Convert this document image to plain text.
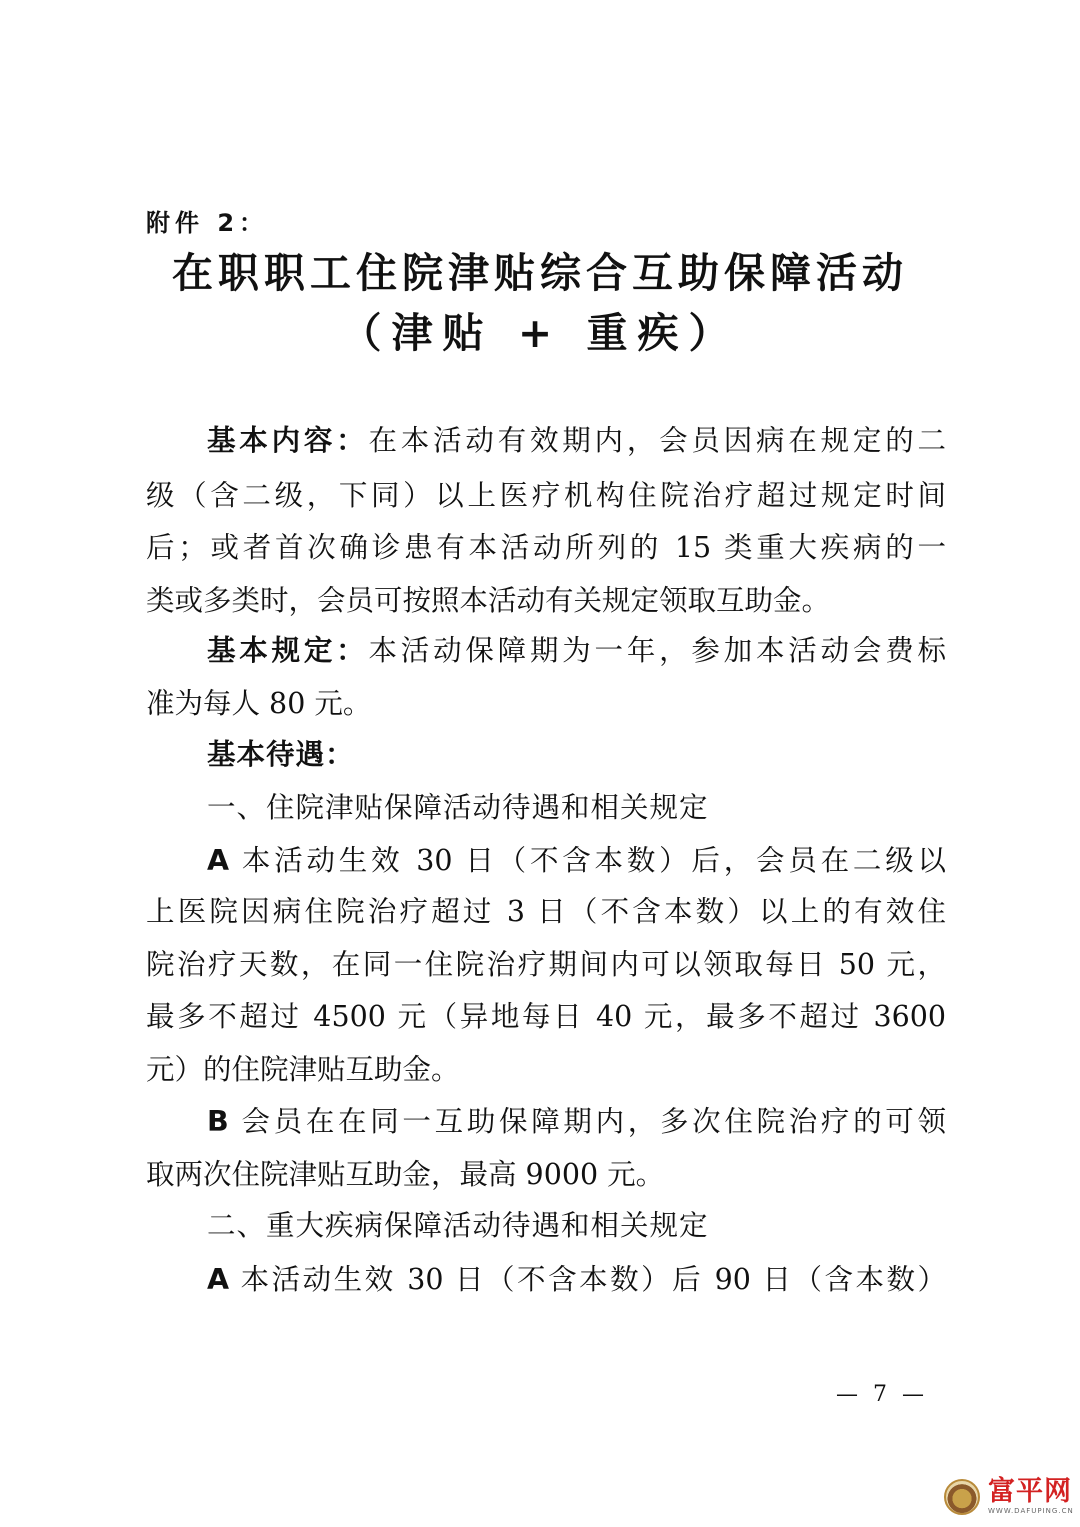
附件 2：

在职职工住院津贴综合互助保障活动
（津贴 + 重疾）

基本内容：在本活动有效期内，会员因病在规定的二

级（含二级，下同）以上医疗机构住院治疗超过规定时间

后；或者首次确诊患有本活动所列的 15 类重大疾病的一

类或多类时，会员可按照本活动有关规定领取互助金。

基本规定：本活动保障期为一年，参加本活动会费标

准为每人 80 元。

基本待遇：

一、住院津贴保障活动待遇和相关规定

A 本活动生效 30 日（不含本数）后，会员在二级以

上医院因病住院治疗超过 3 日（不含本数）以上的有效住

院治疗天数，在同一住院治疗期间内可以领取每日 50 元，

最多不超过 4500 元（异地每日 40 元，最多不超过 3600

元）的住院津贴互助金。

B 会员在在同一互助保障期内，多次住院治疗的可领

取两次住院津贴互助金，最高 9000 元。

二、重大疾病保障活动待遇和相关规定

A 本活动生效 30 日（不含本数）后 90 日（含本数）

— 7 —

富平网
WWW.DAFUPING.CN
